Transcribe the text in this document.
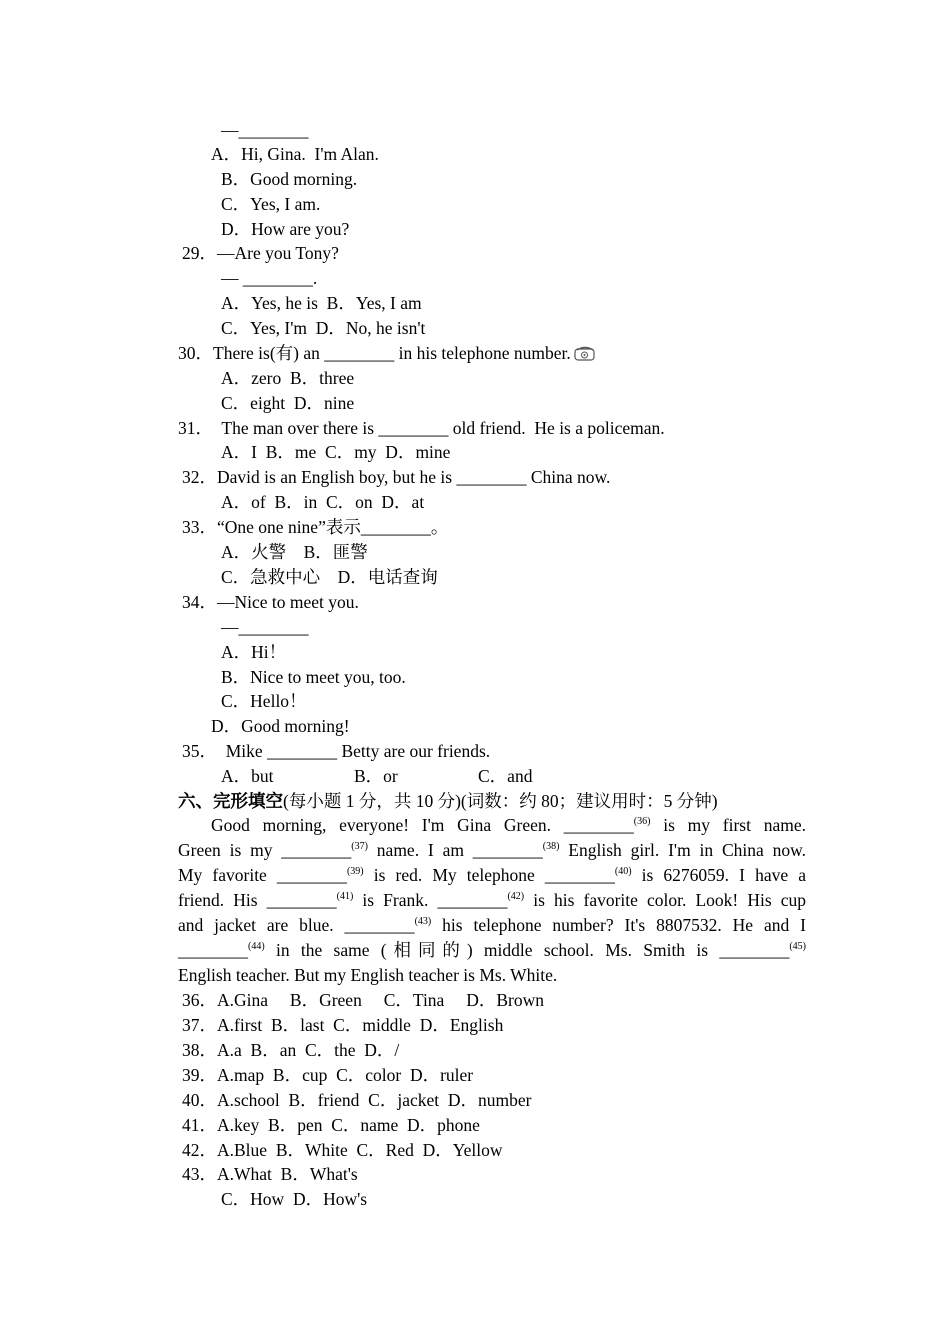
—________
A．Hi, Gina.  I'm Alan.
B．Good morning.
C．Yes, I am.
D．How are you?
29．—Are you Tony?
— ________.
A．Yes, he is  B．Yes, I am
C．Yes, I'm  D．No, he isn't
30．There is(有) an ________ in his telephone number.
A．zero  B．three
C．eight  D．nine
31．  The man over there is ________ old friend.  He is a policeman.
A．I  B．me  C．my  D．mine
32．David is an English boy, but he is ________ China now.
A．of  B．in  C．on  D．at
33．“One one nine”表示________。
A．火警    B．匪警
C．急救中心    D．电话查询
34．—Nice to meet you.
—________
A．Hi！
B．Nice to meet you, too.
C．Hello！
D．Good morning!
35．  Mike ________ Betty are our friends.
A．but	B．or	C．and
六、完形填空(每小题 1 分，共 10 分)(词数：约 80；建议用时：5 分钟)
Good morning, everyone! I'm Gina Green. ________$^{(36)}$ is my first name.
Green is my ________$^{(37)}$ name. I am ________$^{(38)}$ English girl. I'm in China now.
My favorite ________$^{(39)}$ is red. My telephone ________$^{(40)}$ is 6276059. I have a
friend. His ________$^{(41)}$ is Frank. ________$^{(42)}$ is his favorite color. Look! His cup
and jacket are blue. ________$^{(43)}$ his telephone number? It's 8807532. He and I
________$^{(44)}$ in the same (相同的) middle school. Ms. Smith is ________$^{(45)}$
English teacher. But my English teacher is Ms. White.
36．A.Gina     B．Green     C．Tina     D．Brown
37．A.first  B．last  C．middle  D．English
38．A.a  B．an  C．the  D．/
39．A.map  B．cup  C．color  D．ruler
40．A.school  B．friend  C．jacket  D．number
41．A.key  B．pen  C．name  D．phone
42．A.Blue  B．White  C．Red  D．Yellow
43．A.What  B．What's
C．How  D．How's
